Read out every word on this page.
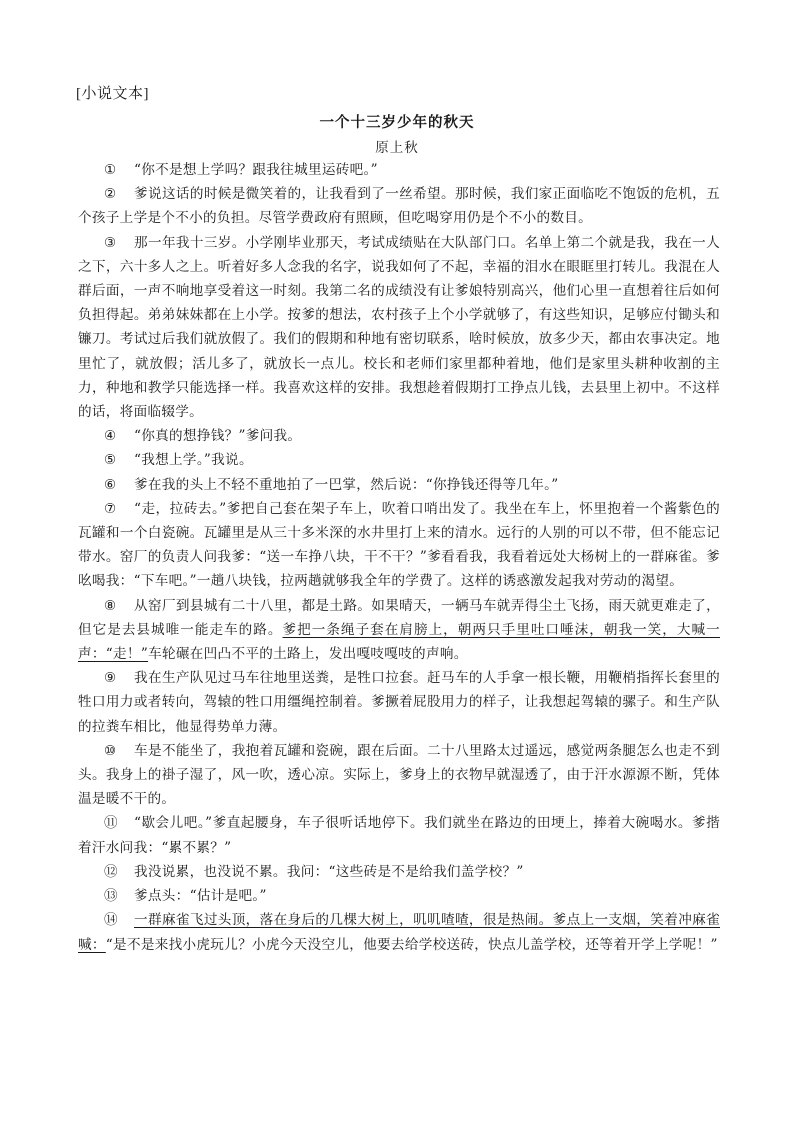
[小说文本]
一个十三岁少年的秋天
原上秋

① “你不是想上学吗？跟我往城里运砖吧。”

② 爹说这话的时候是微笑着的，让我看到了一丝希望。那时候，我们家正面临吃不饱饭的危机，五个孩子上学是个不小的负担。尽管学费政府有照顾，但吃喝穿用仍是个不小的数目。

③ 那一年我十三岁。小学刚毕业那天，考试成绩贴在大队部门口。名单上第二个就是我，我在一人之下，六十多人之上。听着好多人念我的名字，说我如何了不起，幸福的泪水在眼眶里打转儿。我混在人群后面，一声不响地享受着这一时刻。我第二名的成绩没有让爹娘特别高兴，他们心里一直想着往后如何负担得起。弟弟妹妹都在上小学。按爹的想法，农村孩子上个小学就够了，有这些知识，足够应付锄头和镰刀。考试过后我们就放假了。我们的假期和种地有密切联系，啥时候放，放多少天，都由农事决定。地里忙了，就放假；活儿多了，就放长一点儿。校长和老师们家里都种着地，他们是家里头耕种收割的主力，种地和教学只能选择一样。我喜欢这样的安排。我想趁着假期打工挣点儿钱，去县里上初中。不这样的话，将面临辍学。

④ “你真的想挣钱？”爹问我。

⑤ “我想上学。”我说。

⑥ 爹在我的头上不轻不重地拍了一巴掌，然后说：“你挣钱还得等几年。”

⑦ “走，拉砖去。”爹把自己套在架子车上，吹着口哨出发了。我坐在车上，怀里抱着一个酱紫色的瓦罐和一个白瓷碗。瓦罐里是从三十多米深的水井里打上来的清水。远行的人别的可以不带，但不能忘记带水。窑厂的负责人问我爹：“送一车挣八块，干不干？”爹看看我，我看着远处大杨树上的一群麻雀。爹吆喝我：“下车吧。”一趟八块钱，拉两趟就够我全年的学费了。这样的诱惑激发起我对劳动的渴望。

⑧ 从窑厂到县城有二十八里，都是土路。如果晴天，一辆马车就弄得尘土飞扬，雨天就更难走了，但它是去县城唯一能走车的路。爹把一条绳子套在肩膀上，朝两只手里吐口唾沫，朝我一笑，大喊一声：“走！”车轮碾在凹凸不平的土路上，发出嘎吱嘎吱的声响。

⑨ 我在生产队见过马车往地里送粪，是牲口拉套。赶马车的人手拿一根长鞭，用鞭梢指挥长套里的牲口用力或者转向，驾辕的牲口用缰绳控制着。爹撅着屁股用力的样子，让我想起驾辕的骡子。和生产队的拉粪车相比，他显得势单力薄。

⑩ 车是不能坐了，我抱着瓦罐和瓷碗，跟在后面。二十八里路太过遥远，感觉两条腿怎么也走不到头。我身上的褂子湿了，风一吹，透心凉。实际上，爹身上的衣物早就湿透了，由于汗水源源不断，凭体温是暖不干的。

⑪ “歇会儿吧。”爹直起腰身，车子很听话地停下。我们就坐在路边的田埂上，捧着大碗喝水。爹揩着汗水问我：“累不累？”

⑫ 我没说累，也没说不累。我问：“这些砖是不是给我们盖学校？”

⑬ 爹点头：“估计是吧。”

⑭ 一群麻雀飞过头顶，落在身后的几棵大树上，叽叽喳喳，很是热闹。爹点上一支烟，笑着冲麻雀喊：“是不是来找小虎玩儿？小虎今天没空儿，他要去给学校送砖，快点儿盖学校，还等着开学上学呢！”
